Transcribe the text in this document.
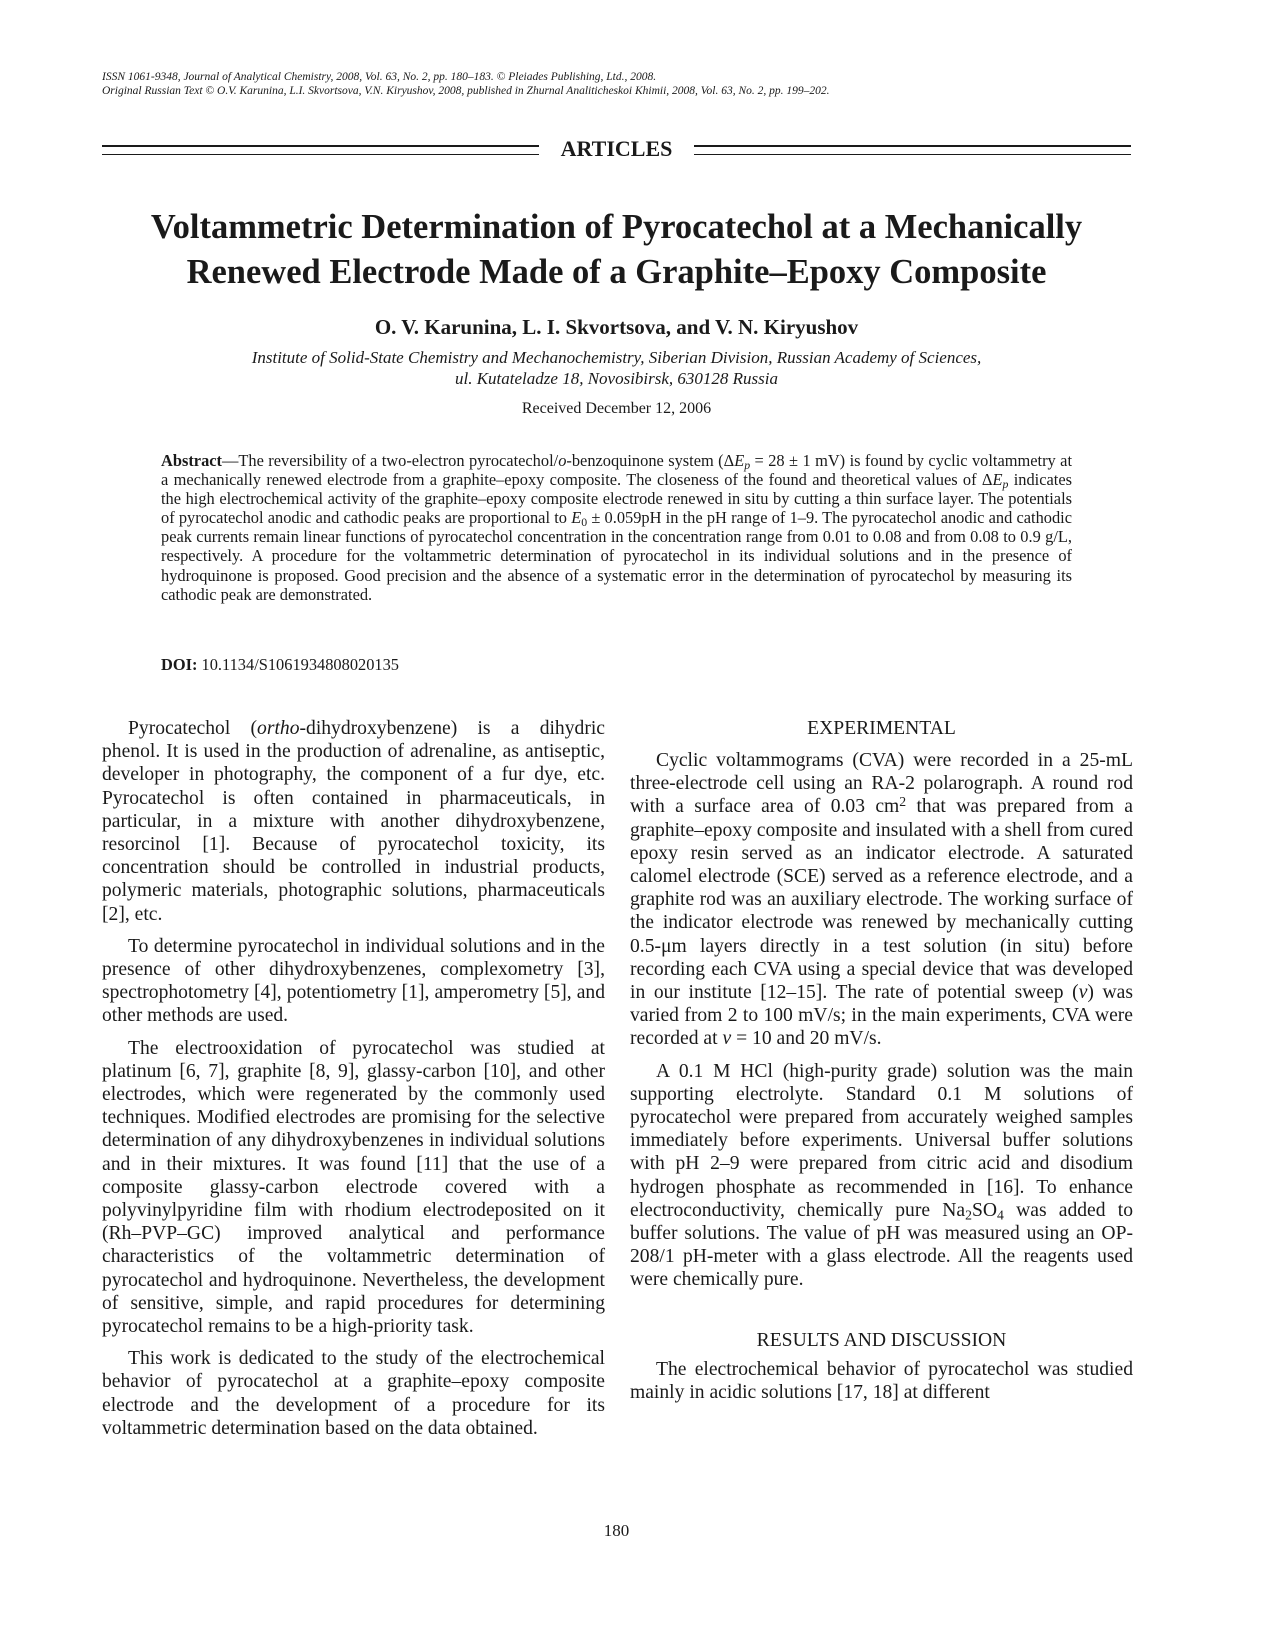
ISSN 1061-9348, Journal of Analytical Chemistry, 2008, Vol. 63, No. 2, pp. 180–183. © Pleiades Publishing, Ltd., 2008.
Original Russian Text © O.V. Karunina, L.I. Skvortsova, V.N. Kiryushov, 2008, published in Zhurnal Analiticheskoi Khimii, 2008, Vol. 63, No. 2, pp. 199–202.
ARTICLES
Voltammetric Determination of Pyrocatechol at a Mechanically
Renewed Electrode Made of a Graphite–Epoxy Composite
O. V. Karunina, L. I. Skvortsova, and V. N. Kiryushov
Institute of Solid-State Chemistry and Mechanochemistry, Siberian Division, Russian Academy of Sciences,
ul. Kutateladze 18, Novosibirsk, 630128 Russia
Received December 12, 2006

Abstract—The reversibility of a two-electron pyrocatechol/o-benzoquinone system ($\Delta E_p = 28 \pm 1$ mV) is found by cyclic voltammetry at a mechanically renewed electrode from a graphite–epoxy composite. The closeness of the found and theoretical values of $\Delta E_p$ indicates the high electrochemical activity of the graphite–epoxy composite electrode renewed in situ by cutting a thin surface layer. The potentials of pyrocatechol anodic and cathodic peaks are proportional to $E_0 \pm 0.059pH$ in the pH range of 1–9. The pyrocatechol anodic and cathodic peak currents remain linear functions of pyrocatechol concentration in the concentration range from 0.01 to 0.08 and from 0.08 to 0.9 g/L, respectively. A procedure for the voltammetric determination of pyrocatechol in its individual solutions and in the presence of hydroquinone is proposed. Good precision and the absence of a systematic error in the determination of pyrocatechol by measuring its cathodic peak are demonstrated.

DOI: 10.1134/S1061934808020135

Pyrocatechol (ortho-dihydroxybenzene) is a dihydric phenol. It is used in the production of adrenaline, as antiseptic, developer in photography, the component of a fur dye, etc. Pyrocatechol is often contained in pharmaceuticals, in particular, in a mixture with another dihydroxybenzene, resorcinol [1]. Because of pyrocatechol toxicity, its concentration should be controlled in industrial products, polymeric materials, photographic solutions, pharmaceuticals [2], etc.

To determine pyrocatechol in individual solutions and in the presence of other dihydroxybenzenes, complexometry [3], spectrophotometry [4], potentiometry [1], amperometry [5], and other methods are used.

The electrooxidation of pyrocatechol was studied at platinum [6, 7], graphite [8, 9], glassy-carbon [10], and other electrodes, which were regenerated by the commonly used techniques. Modified electrodes are promising for the selective determination of any dihydroxybenzenes in individual solutions and in their mixtures. It was found [11] that the use of a composite glassy-carbon electrode covered with a polyvinylpyridine film with rhodium electrodeposited on it (Rh–PVP–GC) improved analytical and performance characteristics of the voltammetric determination of pyrocatechol and hydroquinone. Nevertheless, the development of sensitive, simple, and rapid procedures for determining pyrocatechol remains to be a high-priority task.

This work is dedicated to the study of the electrochemical behavior of pyrocatechol at a graphite–epoxy composite electrode and the development of a procedure for its voltammetric determination based on the data obtained.

EXPERIMENTAL

Cyclic voltammograms (CVA) were recorded in a 25-mL three-electrode cell using an RA-2 polarograph. A round rod with a surface area of 0.03 $cm^2$ that was prepared from a graphite–epoxy composite and insulated with a shell from cured epoxy resin served as an indicator electrode. A saturated calomel electrode (SCE) served as a reference electrode, and a graphite rod was an auxiliary electrode. The working surface of the indicator electrode was renewed by mechanically cutting 0.5-μm layers directly in a test solution (in situ) before recording each CVA using a special device that was developed in our institute [12–15]. The rate of potential sweep (v) was varied from 2 to 100 mV/s; in the main experiments, CVA were recorded at v = 10 and 20 mV/s.

A 0.1 M HCl (high-purity grade) solution was the main supporting electrolyte. Standard 0.1 M solutions of pyrocatechol were prepared from accurately weighed samples immediately before experiments. Universal buffer solutions with pH 2–9 were prepared from citric acid and disodium hydrogen phosphate as recommended in [16]. To enhance electroconductivity, chemically pure $Na_2SO_4$ was added to buffer solutions. The value of pH was measured using an OP-208/1 pH-meter with a glass electrode. All the reagents used were chemically pure.

RESULTS AND DISCUSSION

The electrochemical behavior of pyrocatechol was studied mainly in acidic solutions [17, 18] at different

180
